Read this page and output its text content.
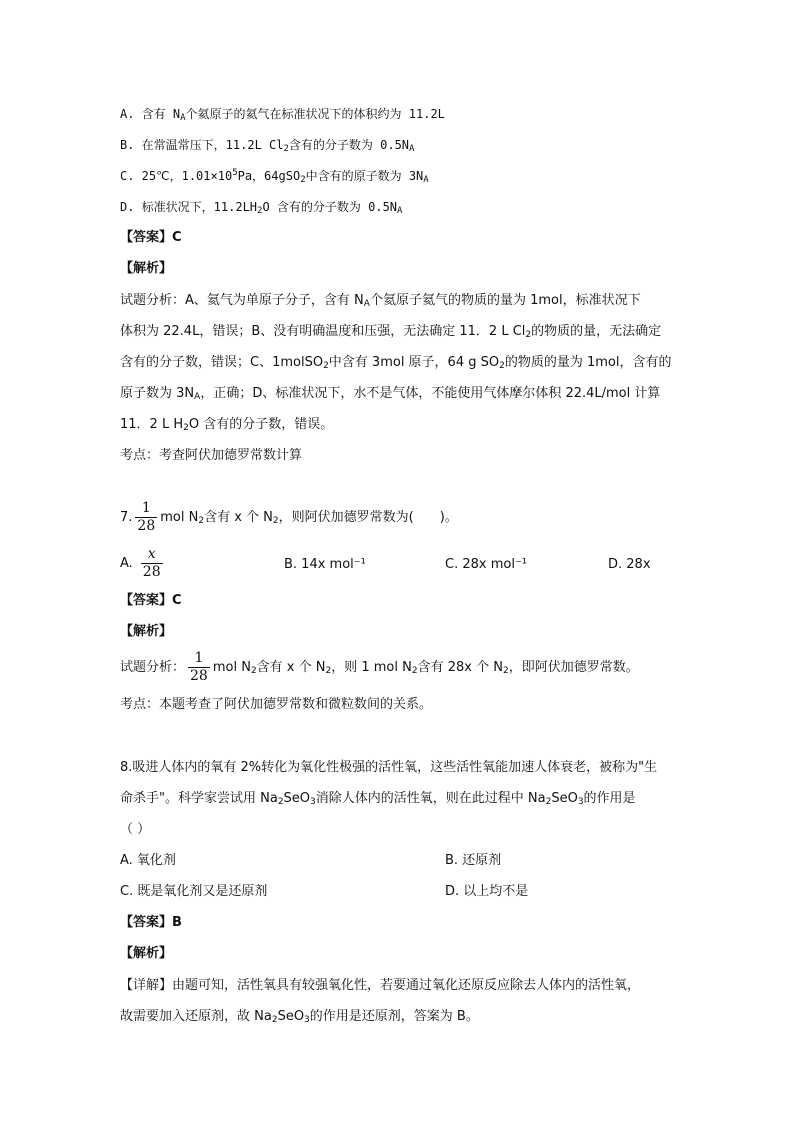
A. 含有 $N_A$个氦原子的氦气在标准状况下的体积约为 11.2L
B. 在常温常压下，11.2L $Cl_2$含有的分子数为 $0.5N_A$
C. 25℃，$1.01\times 10^5Pa$，64gSO$_2$中含有的原子数为 $3N_A$
D. 标准状况下，$11.2LH_2O$ 含有的分子数为 $0.5N_A$
【答案】C
【解析】
试题分析：A、氦气为单原子分子，含有 $N_A$个氦原子氦气的物质的量为 1mol，标准状况下
体积为 22.4L，错误；B、没有明确温度和压强，无法确定 11．2 L $Cl_2$的物质的量，无法确定
含有的分子数，错误；C、1molSO$_2$中含有 3mol 原子，64 g $SO_2$的物质的量为 1mol，含有的
原子数为 $3N_A$，正确；D、标准状况下，水不是气体，不能使用气体摩尔体积 22.4L/mol 计算
11．2 L $H_2O$ 含有的分子数，错误。
考点：考查阿伏加德罗常数计算
7. $\frac{1}{28}$ mol $N_2$含有 x 个 $N_2$，则阿伏加德罗常数为(　　)。
A. $\frac{x}{28}$	B. 14x mol⁻¹	C. 28x mol⁻¹	D. 28x
【答案】C
【解析】
试题分析： $\frac{1}{28}$ mol $N_2$含有 x 个 $N_2$，则 1 mol $N_2$含有 28x 个 $N_2$，即阿伏加德罗常数。
考点：本题考查了阿伏加德罗常数和微粒数间的关系。
8.吸进人体内的氧有 2%转化为氧化性极强的活性氧，这些活性氧能加速人体衰老，被称为"生
命杀手"。科学家尝试用 $Na_2SeO_3$消除人体内的活性氧，则在此过程中 $Na_2SeO_3$的作用是
（ ）
A. 氧化剂	B. 还原剂
C. 既是氧化剂又是还原剂	D. 以上均不是
【答案】B
【解析】
【详解】由题可知，活性氧具有较强氧化性，若要通过氧化还原反应除去人体内的活性氧，
故需要加入还原剂，故 $Na_2SeO_3$的作用是还原剂，答案为 B。
